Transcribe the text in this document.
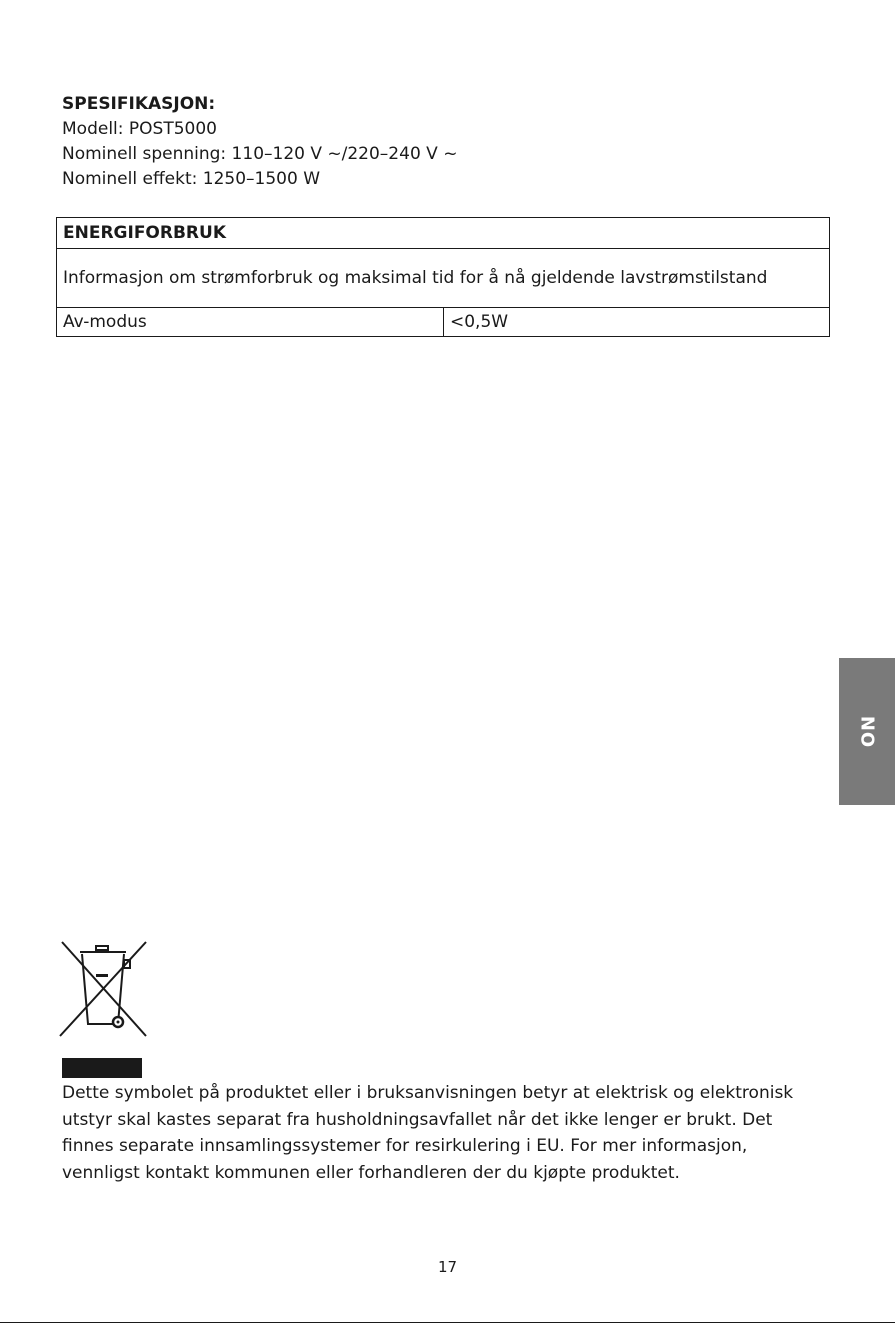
SPESIFIKASJON:
Modell: POST5000
Nominell spenning: 110–120 V ~/220–240 V ~
Nominell effekt: 1250–1500 W
ENERGIFORBRUK
Informasjon om strømforbruk og maksimal tid for å nå gjeldende lavstrømstilstand
Av-modus	<0,5W
NO
Dette symbolet på produktet eller i bruksanvisningen betyr at elektrisk og elektronisk
utstyr skal kastes separat fra husholdningsavfallet når det ikke lenger er brukt. Det
finnes separate innsamlingssystemer for resirkulering i EU. For mer informasjon,
vennligst kontakt kommunen eller forhandleren der du kjøpte produktet.
17
